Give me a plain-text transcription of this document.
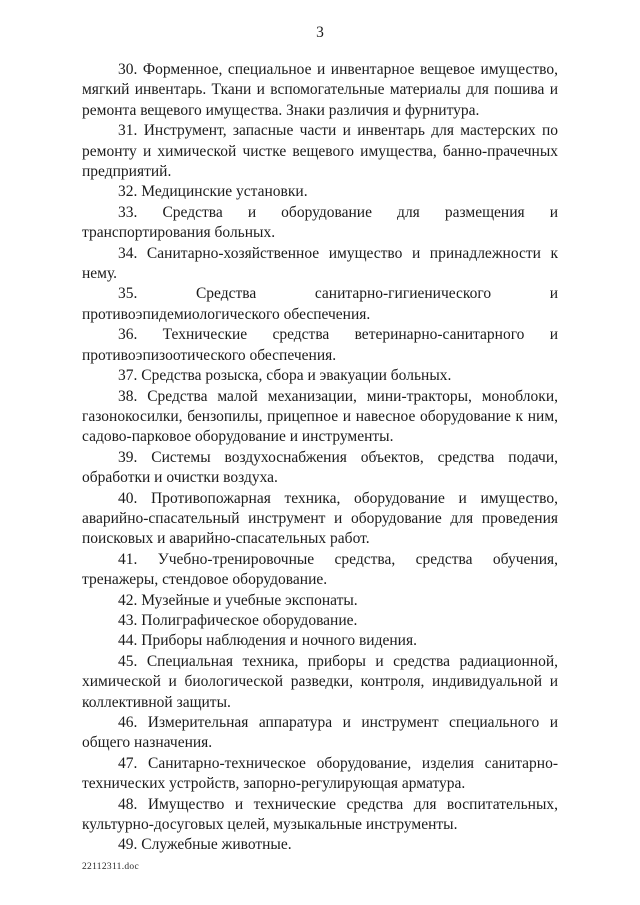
3

30. Форменное, специальное и инвентарное вещевое имущество, мягкий инвентарь. Ткани и вспомогательные материалы для пошива и ремонта вещевого имущества. Знаки различия и фурнитура.

31. Инструмент, запасные части и инвентарь для мастерских по ремонту и химической чистке вещевого имущества, банно-прачечных предприятий.

32. Медицинские установки.

33. Средства и оборудование для размещения и транспортирования больных.

34. Санитарно-хозяйственное имущество и принадлежности к нему.

35. Средства санитарно-гигиенического и противоэпидемиологического обеспечения.

36. Технические средства ветеринарно-санитарного и противоэпизоотического обеспечения.

37. Средства розыска, сбора и эвакуации больных.

38. Средства малой механизации, мини-тракторы, моноблоки, газонокосилки, бензопилы, прицепное и навесное оборудование к ним, садово-парковое оборудование и инструменты.

39. Системы воздухоснабжения объектов, средства подачи, обработки и очистки воздуха.

40. Противопожарная техника, оборудование и имущество, аварийно-спасательный инструмент и оборудование для проведения поисковых и аварийно-спасательных работ.

41. Учебно-тренировочные средства, средства обучения, тренажеры, стендовое оборудование.

42. Музейные и учебные экспонаты.

43. Полиграфическое оборудование.

44. Приборы наблюдения и ночного видения.

45. Специальная техника, приборы и средства радиационной, химической и биологической разведки, контроля, индивидуальной и коллективной защиты.

46. Измерительная аппаратура и инструмент специального и общего назначения.

47. Санитарно-техническое оборудование, изделия санитарно-технических устройств, запорно-регулирующая арматура.

48. Имущество и технические средства для воспитательных, культурно-досуговых целей, музыкальные инструменты.

49. Служебные животные.

22112311.doc
